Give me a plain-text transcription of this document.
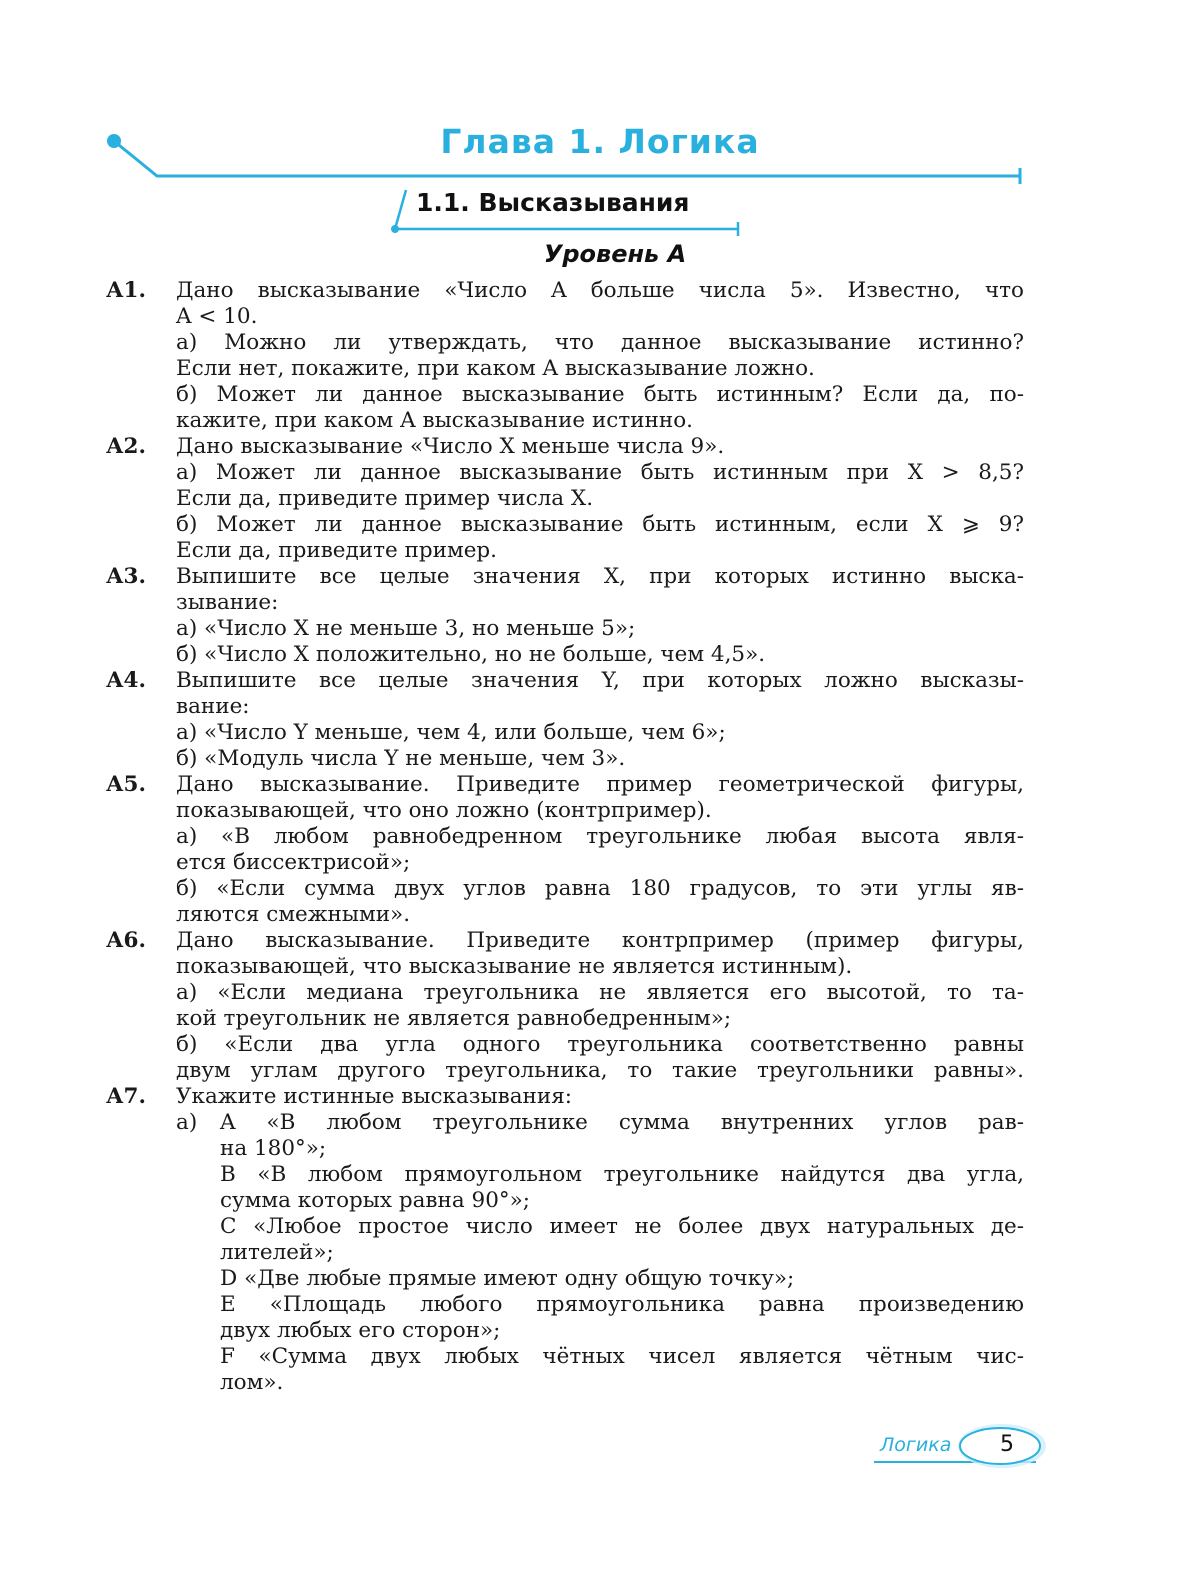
Глава 1. Логика
1.1. Высказывания
Уровень А
А1.	Дано высказывание «Число A больше числа 5». Известно, что
A < 10.
а) Можно ли утверждать, что данное высказывание истинно?
Если нет, покажите, при каком A высказывание ложно.
б) Может ли данное высказывание быть истинным? Если да, по-
кажите, при каком A высказывание истинно.
А2.	Дано высказывание «Число X меньше числа 9».
а) Может ли данное высказывание быть истинным при X > 8,5?
Если да, приведите пример числа X.
б) Может ли данное высказывание быть истинным, если X ⩾ 9?
Если да, приведите пример.
А3.	Выпишите все целые значения X, при которых истинно выска-
зывание:
а) «Число X не меньше 3, но меньше 5»;
б) «Число X положительно, но не больше, чем 4,5».
А4.	Выпишите все целые значения Y, при которых ложно высказы-
вание:
а) «Число Y меньше, чем 4, или больше, чем 6»;
б) «Модуль числа Y не меньше, чем 3».
А5.	Дано высказывание. Приведите пример геометрической фигуры,
показывающей, что оно ложно (контрпример).
а) «В любом равнобедренном треугольнике любая высота явля-
ется биссектрисой»;
б) «Если сумма двух углов равна 180 градусов, то эти углы яв-
ляются смежными».
А6.	Дано высказывание. Приведите контрпример (пример фигуры,
показывающей, что высказывание не является истинным).
а) «Если медиана треугольника не является его высотой, то та-
кой треугольник не является равнобедренным»;
б) «Если два угла одного треугольника соответственно равны
двум углам другого треугольника, то такие треугольники равны».
А7.	Укажите истинные высказывания:
а)	A «В любом треугольнике сумма внутренних углов рав-
на 180°»;
B «В любом прямоугольном треугольнике найдутся два угла,
сумма которых равна 90°»;
C «Любое простое число имеет не более двух натуральных де-
лителей»;
D «Две любые прямые имеют одну общую точку»;
E «Площадь любого прямоугольника равна произведению
двух любых его сторон»;
F «Сумма двух любых чётных чисел является чётным чис-
лом».
Логика 5
